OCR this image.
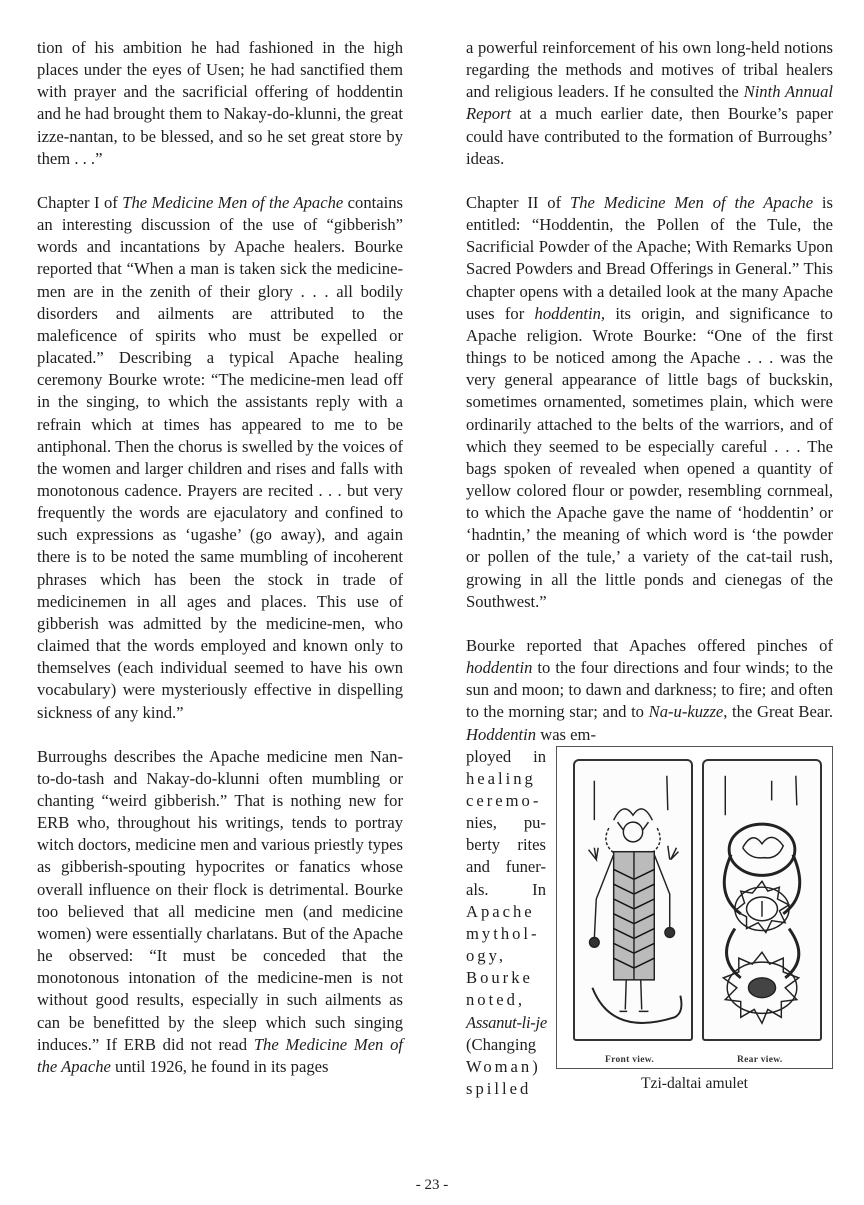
tion of his ambition he had fashioned in the high places under the eyes of Usen; he had sanctified them with prayer and the sacrificial offering of hoddentin and he had brought them to Nakay-do-klunni, the great izze-nantan, to be blessed, and so he set great store by them . . .”

Chapter I of The Medicine Men of the Apache contains an interesting discussion of the use of “gibberish” words and incantations by Apache healers. Bourke reported that “When a man is taken sick the medicine-men are in the zenith of their glory . . . all bodily disorders and ailments are attributed to the maleficence of spirits who must be expelled or placated.” Describing a typical Apache healing ceremony Bourke wrote: “The medicine-men lead off in the singing, to which the assistants reply with a refrain which at times has appeared to me to be antiphonal. Then the chorus is swelled by the voices of the women and larger children and rises and falls with monotonous cadence. Prayers are recited . . . but very frequently the words are ejaculatory and confined to such expressions as ‘ugashe’ (go away), and again there is to be noted the same mumbling of incoherent phrases which has been the stock in trade of medicinemen in all ages and places. This use of gibberish was admitted by the medicine-men, who claimed that the words employed and known only to themselves (each individual seemed to have his own vocabulary) were mysteriously effective in dispelling sickness of any kind.”

Burroughs describes the Apache medicine men Nan-to-do-tash and Nakay-do-klunni often mumbling or chanting “weird gibberish.” That is nothing new for ERB who, throughout his writings, tends to portray witch doctors, medicine men and various priestly types as gibberish-spouting hypocrites or fanatics whose overall influence on their flock is detrimental. Bourke too believed that all medicine men (and medicine women) were essentially charlatans. But of the Apache he observed: “It must be conceded that the monotonous intonation of the medicine-men is not without good results, especially in such ailments as can be benefitted by the sleep which such singing induces.” If ERB did not read The Medicine Men of the Apache until 1926, he found in its pages

a powerful reinforcement of his own long-held notions regarding the methods and motives of tribal healers and religious leaders. If he consulted the Ninth Annual Report at a much earlier date, then Bourke’s paper could have contributed to the formation of Burroughs’ ideas.

Chapter II of The Medicine Men of the Apache is entitled: “Hoddentin, the Pollen of the Tule, the Sacrificial Powder of the Apache; With Remarks Upon Sacred Powders and Bread Offerings in General.” This chapter opens with a detailed look at the many Apache uses for hoddentin, its origin, and significance to Apache religion. Wrote Bourke: “One of the first things to be noticed among the Apache . . . was the very general appearance of little bags of buckskin, sometimes ornamented, sometimes plain, which were ordinarily attached to the belts of the warriors, and of which they seemed to be especially careful . . . The bags spoken of revealed when opened a quantity of yellow colored flour or powder, resembling cornmeal, to which the Apache gave the name of ‘hoddentin’ or ‘hadntin,’ the meaning of which word is ‘the powder or pollen of the tule,’ a variety of the cat-tail rush, growing in all the little ponds and cienegas of the Southwest.”

Bourke reported that Apaches offered pinches of hoddentin to the four directions and four winds; to the sun and moon; to dawn and darkness; to fire; and often to the morning star; and to Na-u-kuzze, the Great Bear. Hoddentin was em-

ployed in
healing
ceremo-
nies, pu-
berty rites
and funer-
als. In
Apache
mythol-
ogy,
Bourke
noted,
Assanut-li-je
(Changing
Woman)
spilled
Front view.	Rear view.
Tzi-daltai amulet
- 23 -
